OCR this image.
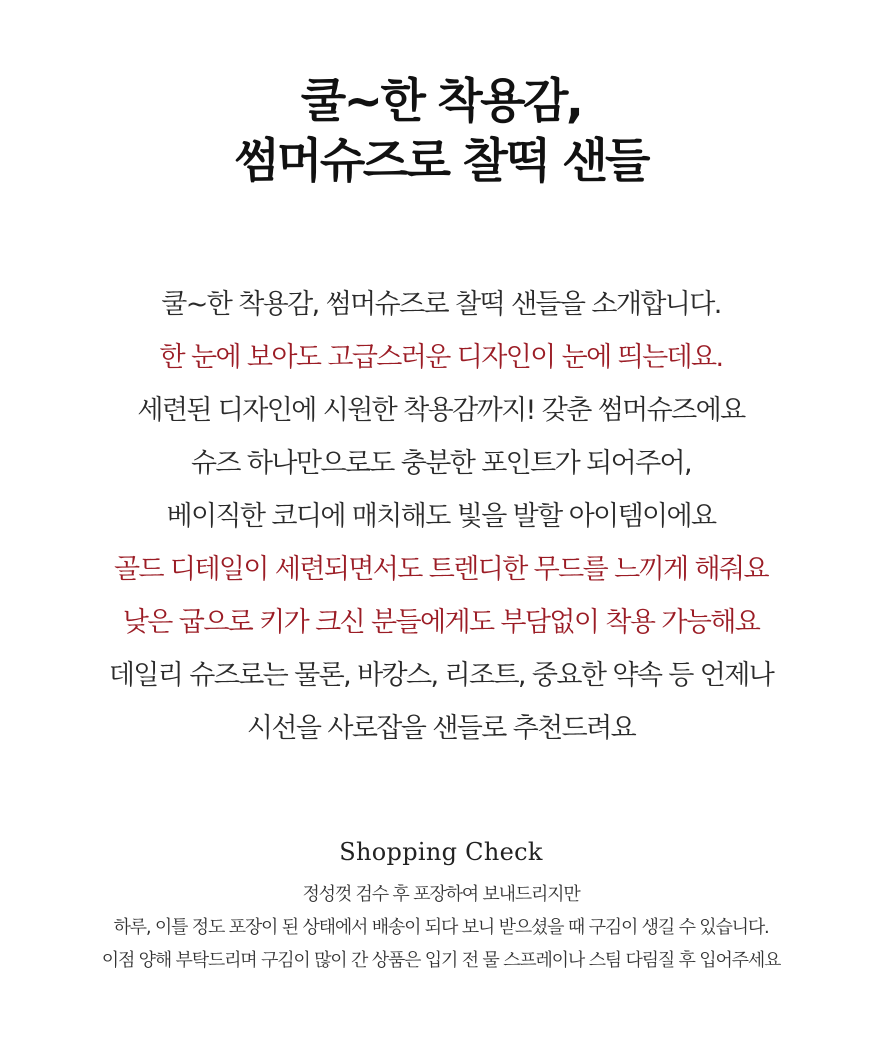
쿨~한 착용감,
썸머슈즈로 찰떡 샌들
쿨~한 착용감, 썸머슈즈로 찰떡 샌들을 소개합니다.
한 눈에 보아도 고급스러운 디자인이 눈에 띄는데요.
세련된 디자인에 시원한 착용감까지! 갖춘 썸머슈즈에요
슈즈 하나만으로도 충분한 포인트가 되어주어,
베이직한 코디에 매치해도 빛을 발할 아이템이에요
골드 디테일이 세련되면서도 트렌디한 무드를 느끼게 해줘요
낮은 굽으로 키가 크신 분들에게도 부담없이 착용 가능해요
데일리 슈즈로는 물론, 바캉스, 리조트, 중요한 약속 등 언제나
시선을 사로잡을 샌들로 추천드려요
Shopping Check
정성껏 검수 후 포장하여 보내드리지만
하루, 이틀 정도 포장이 된 상태에서 배송이 되다 보니 받으셨을 때 구김이 생길 수 있습니다.
이점 양해 부탁드리며 구김이 많이 간 상품은 입기 전 물 스프레이나 스팀 다림질 후 입어주세요
